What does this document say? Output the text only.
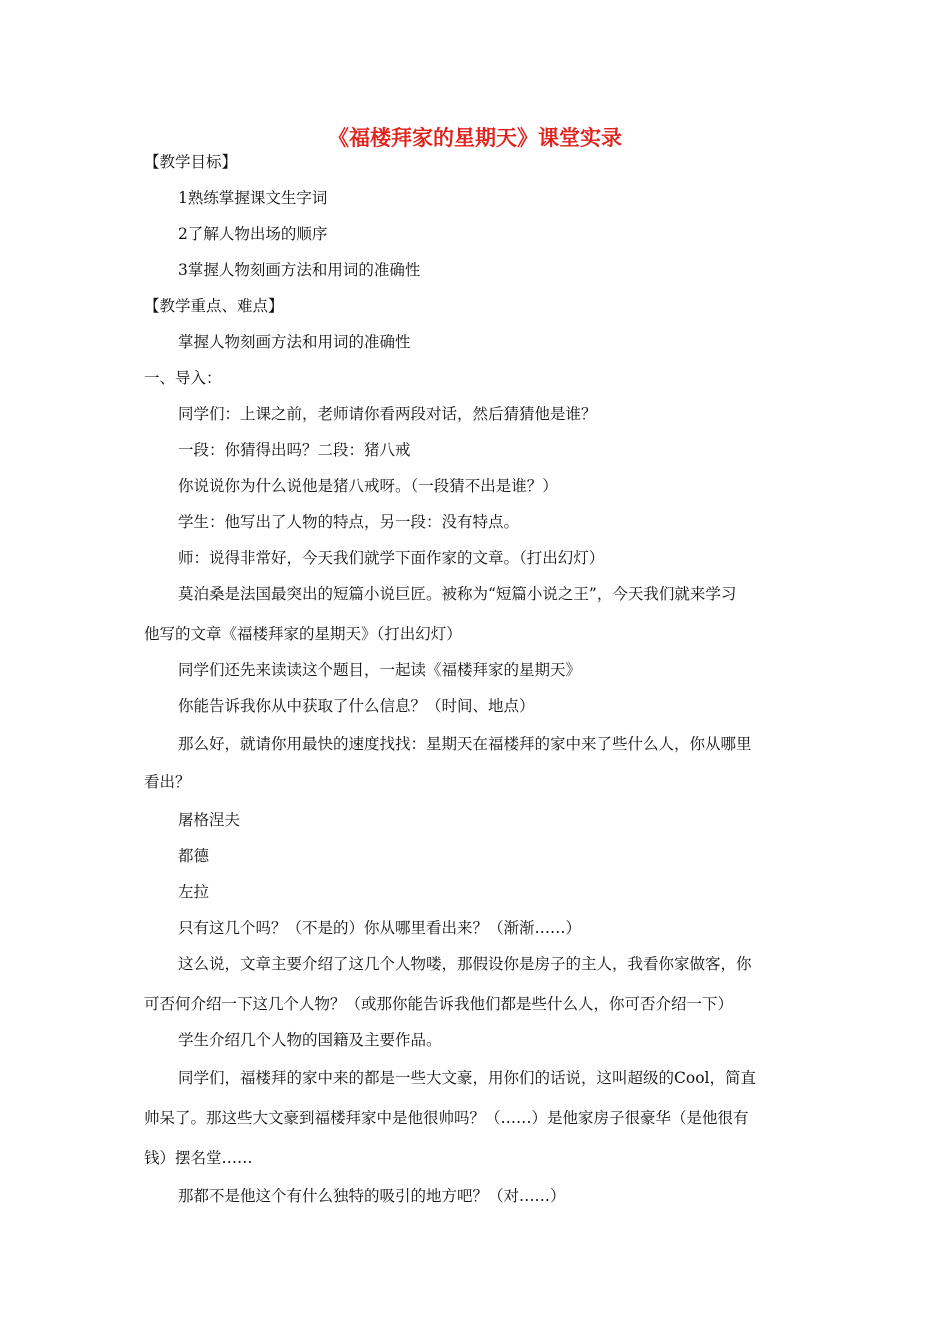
《福楼拜家的星期天》课堂实录
【教学目标】
1熟练掌握课文生字词
2了解人物出场的顺序
3掌握人物刻画方法和用词的准确性
【教学重点、难点】
掌握人物刻画方法和用词的准确性
一、导入：
同学们：上课之前，老师请你看两段对话，然后猜猜他是谁？
一段：你猜得出吗？二段：猪八戒
你说说你为什么说他是猪八戒呀。（一段猜不出是谁？）
学生：他写出了人物的特点，另一段：没有特点。
师：说得非常好，今天我们就学下面作家的文章。（打出幻灯）
莫泊桑是法国最突出的短篇小说巨匠。被称为“短篇小说之王”，今天我们就来学习
他写的文章《福楼拜家的星期天》（打出幻灯）
同学们还先来读读这个题目，一起读《福楼拜家的星期天》
你能告诉我你从中获取了什么信息？（时间、地点）
那么好，就请你用最快的速度找找：星期天在福楼拜的家中来了些什么人，你从哪里
看出？
屠格涅夫
都德
左拉
只有这几个吗？（不是的）你从哪里看出来？（渐渐……）
这么说，文章主要介绍了这几个人物喽，那假设你是房子的主人，我看你家做客，你
可否何介绍一下这几个人物？（或那你能告诉我他们都是些什么人，你可否介绍一下）
学生介绍几个人物的国籍及主要作品。
同学们，福楼拜的家中来的都是一些大文豪，用你们的话说，这叫超级的Cool，简直
帅呆了。那这些大文豪到福楼拜家中是他很帅吗？（……）是他家房子很豪华（是他很有
钱）摆名堂……
那都不是他这个有什么独特的吸引的地方吧？（对……）
